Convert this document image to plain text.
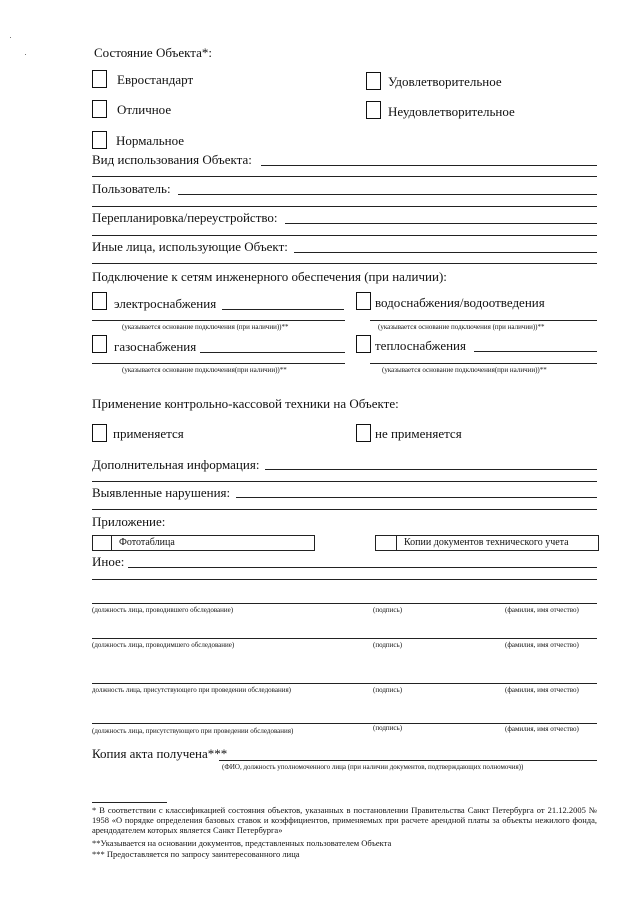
Состояние Объекта*:
Евростандарт	Удовлетворительное
Отличное	Неудовлетворительное
Нормальное
Вид использования Объекта:
Пользователь:
Перепланировка/переустройство:
Иные лица, использующие Объект:
Подключение к сетям инженерного обеспечения (при наличии):
электроснабжения
(указывается основание подключения (при наличии))**
водоснабжения/водоотведения
(указывается основание подключения (при наличии))**
газоснабжения
(указывается основание подключения(при наличии))**
теплоснабжения
(указывается основание подключения(при наличии))**
Применение контрольно-кассовой техники на Объекте:
применяется	не применяется
Дополнительная информация:
Выявленные нарушения:
Приложение:
Фототаблица	Копии документов технического учета
Иное:
(должность лица, проводившего обследование)	(подпись)	(фамилия, имя отчество)
(должность лица, проводимшего обследование)	(подпись)	(фамилия, имя отчество)
должность лица, присутствующего при проведении обследования)	(подпись)	(фамилия, имя отчество)
(должность лица, присутствующего при проведении обследования)	(подпись)	(фамилия, имя отчество)
Копия акта получена***
(ФИО, должность уполномоченного лица (при наличии документов, подтверждающих полномочия))
* В соответствии с классификацией состояния объектов, указанных в постановлении Правительства Санкт Петербурга от 21.12.2005 № 1958 «О порядке определения базовых ставок и коэффициентов, применяемых при расчете арендной платы за объекты нежилого фонда, арендодателем которых является Санкт Петербурга»
**Указывается на основании документов, представленных пользователем Объекта
*** Предоставляется по запросу заинтересованного лица
